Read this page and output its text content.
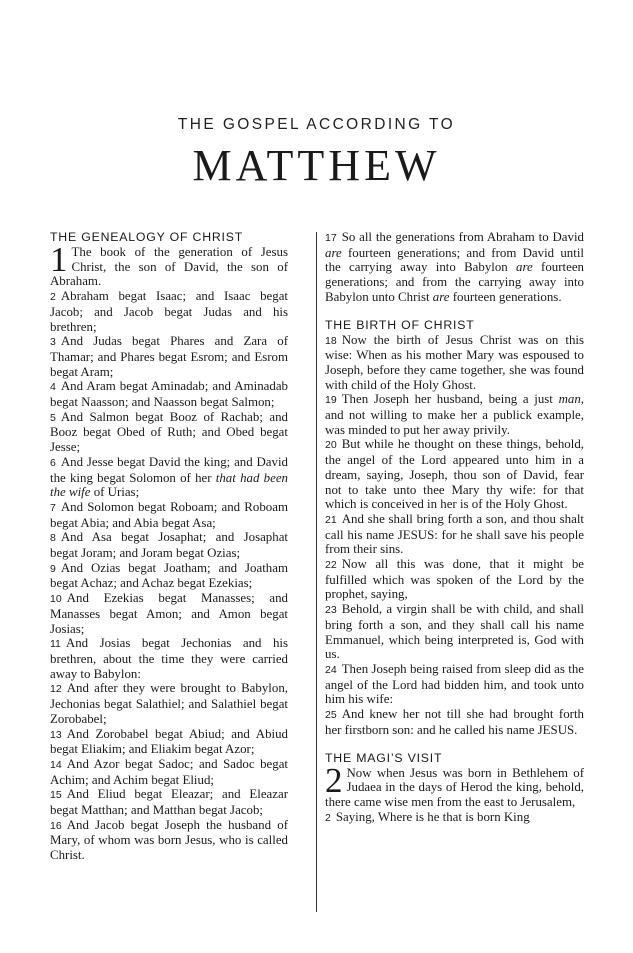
THE GOSPEL ACCORDING TO
MATTHEW
THE GENEALOGY OF CHRIST

1 The book of the generation of Jesus Christ, the son of David, the son of Abraham.

2 Abraham begat Isaac; and Isaac begat Jacob; and Jacob begat Judas and his brethren;

3 And Judas begat Phares and Zara of Thamar; and Phares begat Esrom; and Esrom begat Aram;

4 And Aram begat Aminadab; and Aminadab begat Naasson; and Naasson begat Salmon;

5 And Salmon begat Booz of Rachab; and Booz begat Obed of Ruth; and Obed begat Jesse;

6 And Jesse begat David the king; and David the king begat Solomon of her that had been the wife of Urias;

7 And Solomon begat Roboam; and Roboam begat Abia; and Abia begat Asa;

8 And Asa begat Josaphat; and Josaphat begat Joram; and Joram begat Ozias;

9 And Ozias begat Joatham; and Joatham begat Achaz; and Achaz begat Ezekias;

10 And Ezekias begat Manasses; and Manasses begat Amon; and Amon begat Josias;

11 And Josias begat Jechonias and his brethren, about the time they were carried away to Babylon:

12 And after they were brought to Babylon, Jechonias begat Salathiel; and Salathiel begat Zorobabel;

13 And Zorobabel begat Abiud; and Abiud begat Eliakim; and Eliakim begat Azor;

14 And Azor begat Sadoc; and Sadoc begat Achim; and Achim begat Eliud;

15 And Eliud begat Eleazar; and Eleazar begat Matthan; and Matthan begat Jacob;

16 And Jacob begat Joseph the husband of Mary, of whom was born Jesus, who is called Christ.

17 So all the generations from Abraham to David are fourteen generations; and from David until the carrying away into Babylon are fourteen generations; and from the carrying away into Babylon unto Christ are fourteen generations.

THE BIRTH OF CHRIST

18 Now the birth of Jesus Christ was on this wise: When as his mother Mary was espoused to Joseph, before they came together, she was found with child of the Holy Ghost.

19 Then Joseph her husband, being a just man, and not willing to make her a publick example, was minded to put her away privily.

20 But while he thought on these things, behold, the angel of the Lord appeared unto him in a dream, saying, Joseph, thou son of David, fear not to take unto thee Mary thy wife: for that which is conceived in her is of the Holy Ghost.

21 And she shall bring forth a son, and thou shalt call his name JESUS: for he shall save his people from their sins.

22 Now all this was done, that it might be fulfilled which was spoken of the Lord by the prophet, saying,

23 Behold, a virgin shall be with child, and shall bring forth a son, and they shall call his name Emmanuel, which being interpreted is, God with us.

24 Then Joseph being raised from sleep did as the angel of the Lord had bidden him, and took unto him his wife:

25 And knew her not till she had brought forth her firstborn son: and he called his name JESUS.

THE MAGI’S VISIT

2 Now when Jesus was born in Bethlehem of Judaea in the days of Herod the king, behold, there came wise men from the east to Jerusalem,

2 Saying, Where is he that is born King
